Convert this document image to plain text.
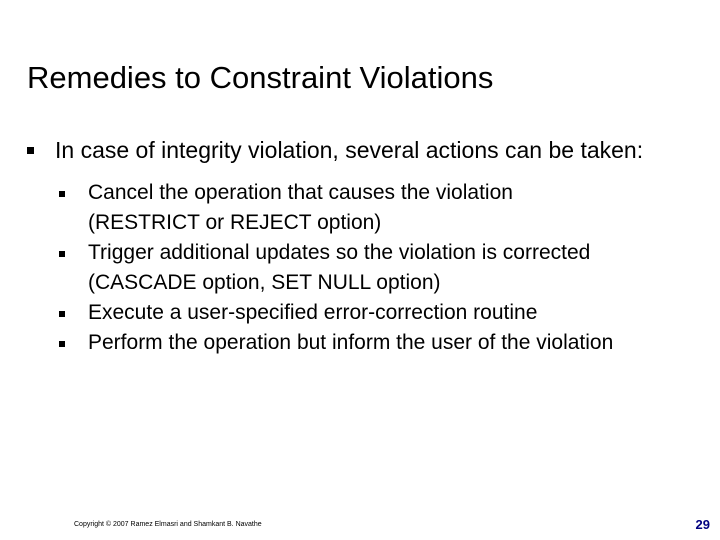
Remedies to Constraint Violations
In case of integrity violation, several actions can be taken:
Cancel the operation that causes the violation (RESTRICT or REJECT option)
Trigger additional updates so the violation is corrected (CASCADE option, SET NULL option)
Execute a user-specified error-correction routine
Perform the operation but inform the user of the violation
Copyright © 2007 Ramez Elmasri and Shamkant B. Navathe	29
